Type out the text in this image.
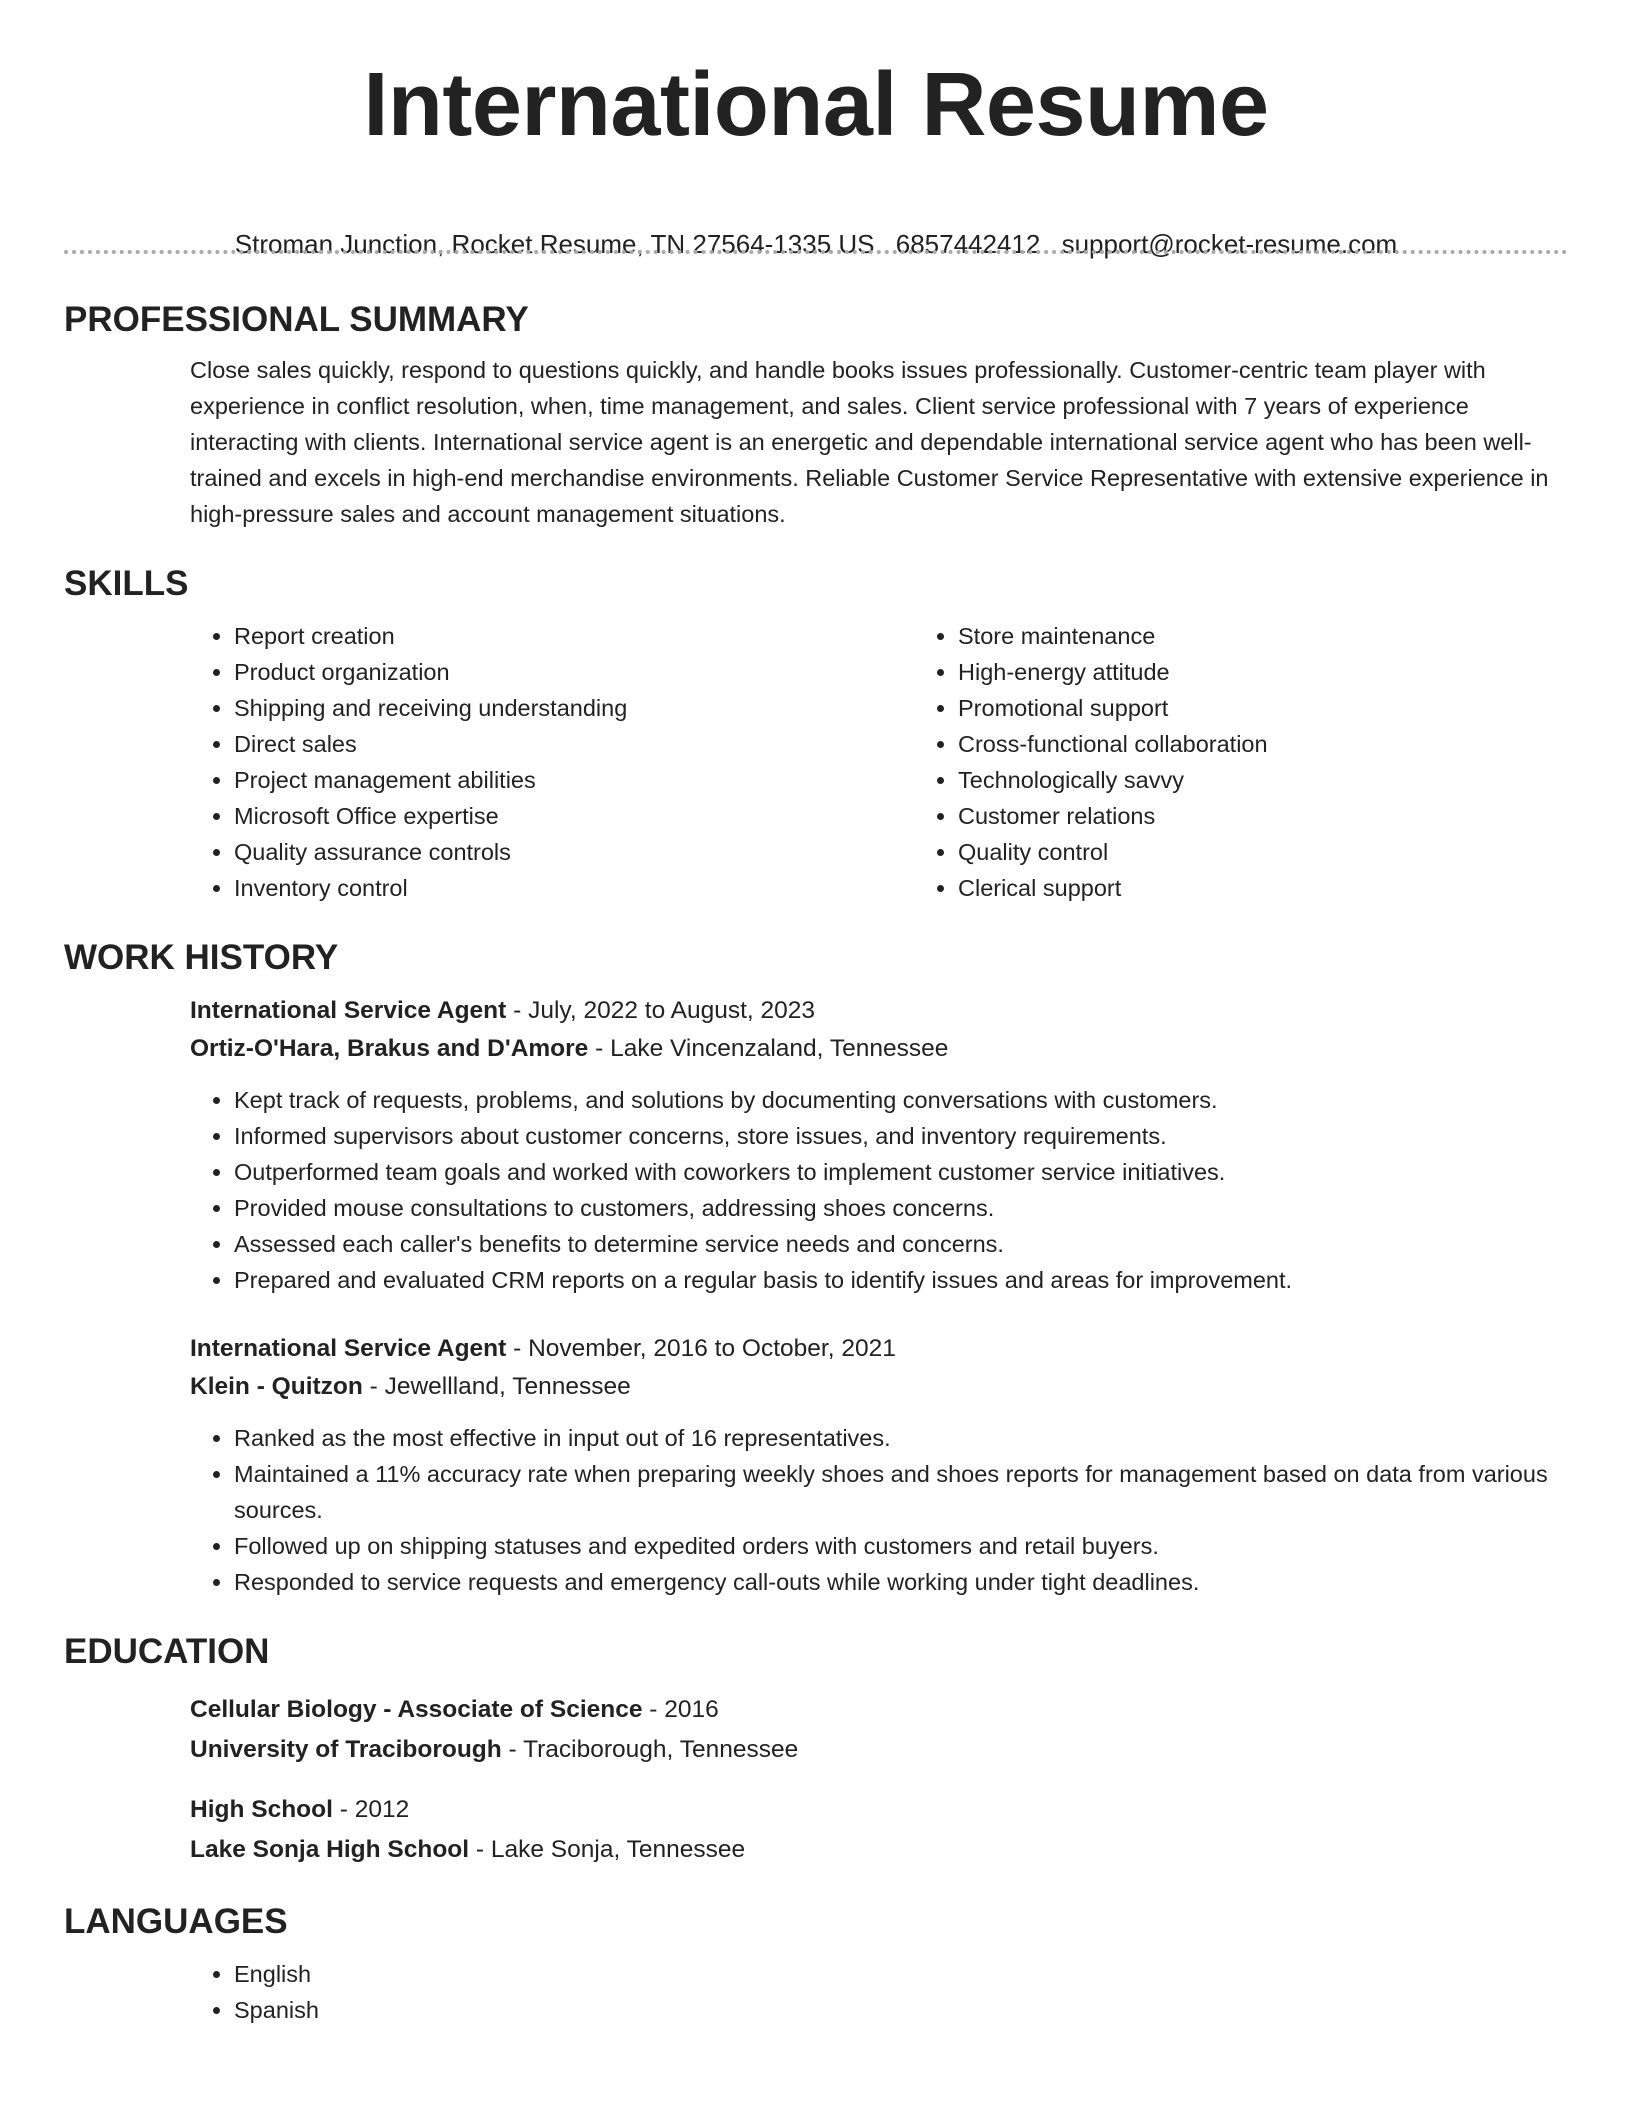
International Resume
Stroman Junction, Rocket Resume, TN 27564-1335 US 6857442412 support@rocket-resume.com
PROFESSIONAL SUMMARY

Close sales quickly, respond to questions quickly, and handle books issues professionally. Customer-centric team player with experience in conflict resolution, when, time management, and sales. Client service professional with 7 years of experience interacting with clients. International service agent is an energetic and dependable international service agent who has been well-trained and excels in high-end merchandise environments. Reliable Customer Service Representative with extensive experience in high-pressure sales and account management situations.

SKILLS
• Report creation
• Product organization
• Shipping and receiving understanding
• Direct sales
• Project management abilities
• Microsoft Office expertise
• Quality assurance controls
• Inventory control
• Store maintenance
• High-energy attitude
• Promotional support
• Cross-functional collaboration
• Technologically savvy
• Customer relations
• Quality control
• Clerical support
WORK HISTORY
International Service Agent - July, 2022 to August, 2023
Ortiz-O'Hara, Brakus and D'Amore - Lake Vincenzaland, Tennessee
• Kept track of requests, problems, and solutions by documenting conversations with customers.
• Informed supervisors about customer concerns, store issues, and inventory requirements.
• Outperformed team goals and worked with coworkers to implement customer service initiatives.
• Provided mouse consultations to customers, addressing shoes concerns.
• Assessed each caller's benefits to determine service needs and concerns.
• Prepared and evaluated CRM reports on a regular basis to identify issues and areas for improvement.
International Service Agent - November, 2016 to October, 2021
Klein - Quitzon - Jewellland, Tennessee
• Ranked as the most effective in input out of 16 representatives.
• Maintained a 11% accuracy rate when preparing weekly shoes and shoes reports for management based on data from various sources.
• Followed up on shipping statuses and expedited orders with customers and retail buyers.
• Responded to service requests and emergency call-outs while working under tight deadlines.
EDUCATION
Cellular Biology - Associate of Science - 2016
University of Traciborough - Traciborough, Tennessee
High School - 2012
Lake Sonja High School - Lake Sonja, Tennessee
LANGUAGES
• English
• Spanish
